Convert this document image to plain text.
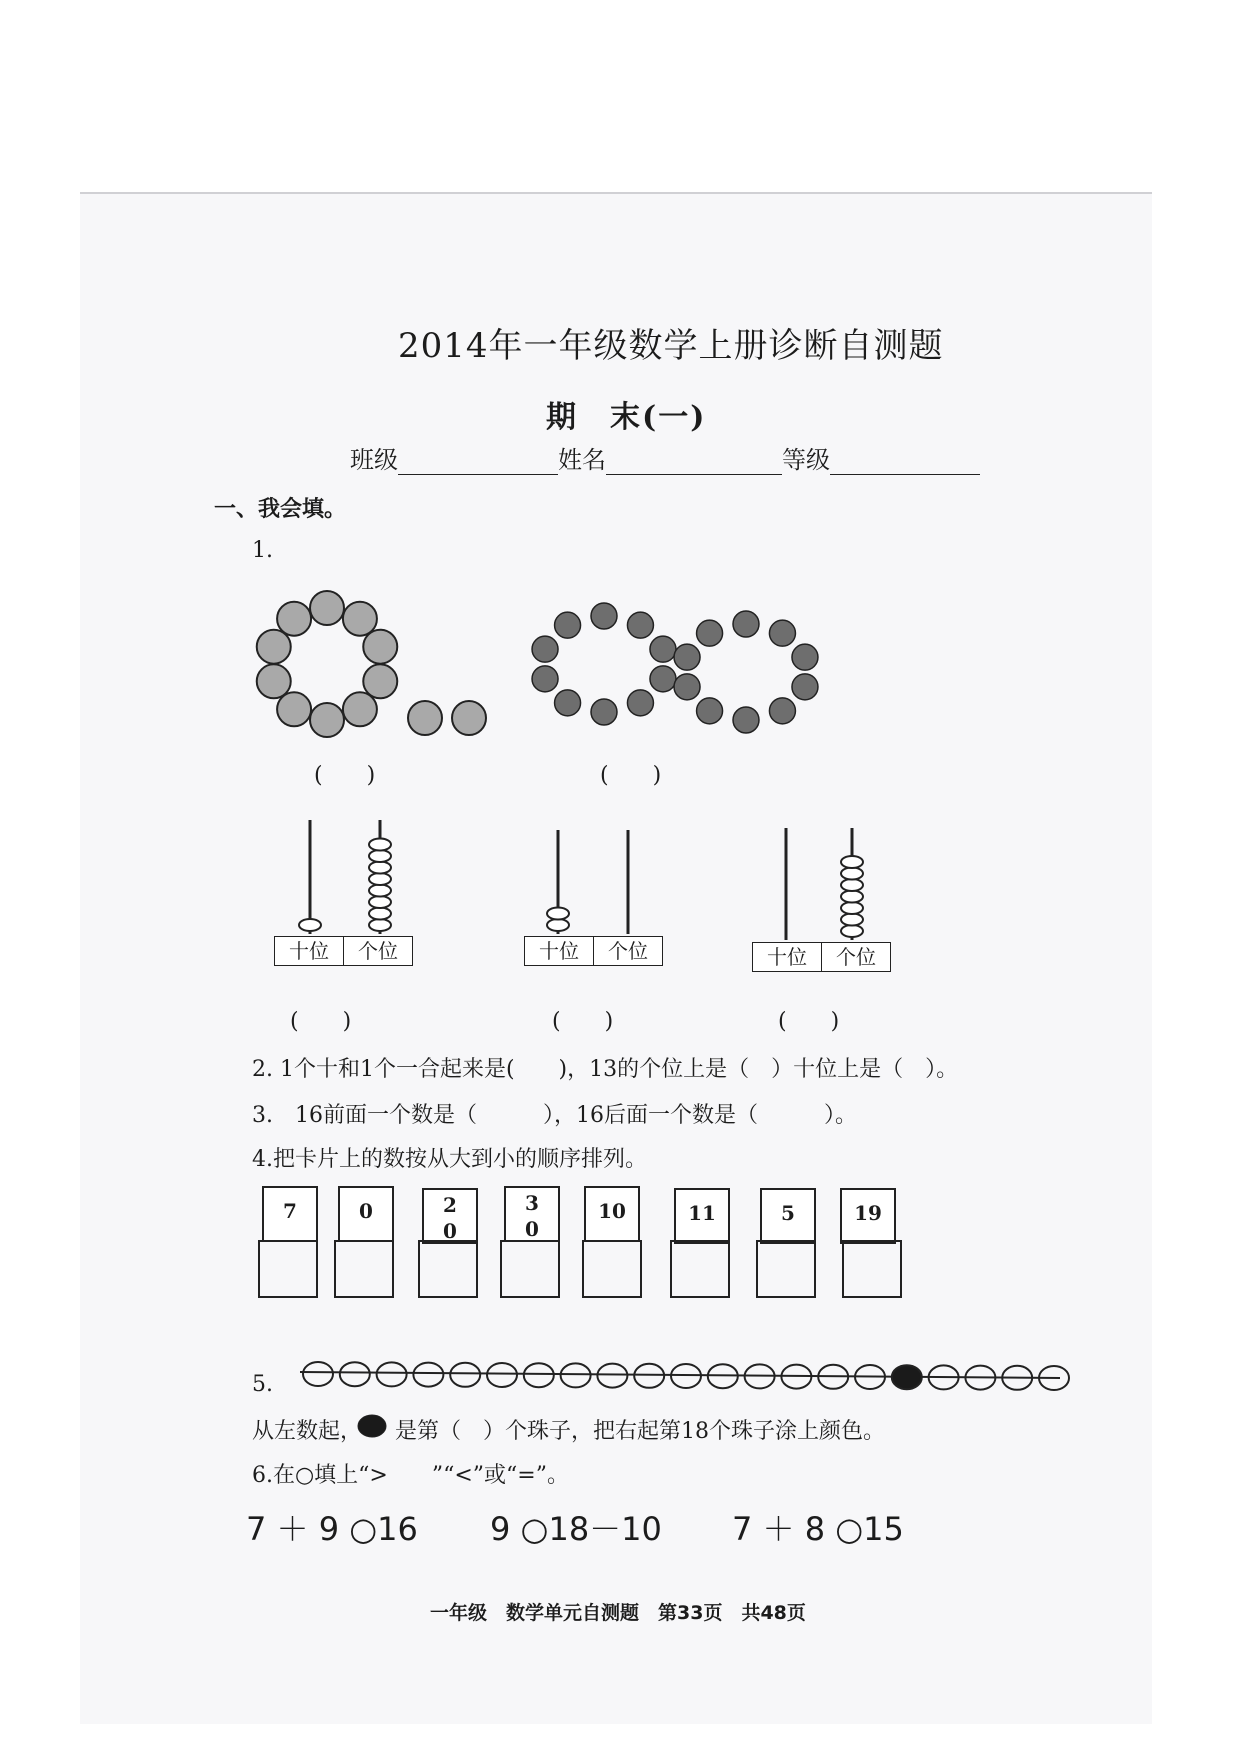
2014年一年级数学上册诊断自测题
期　末(一)
班级	姓名	等级
一、我会填。
1.
(　　)	(　　)
十位	个位	十位	个位	十位	个位
(　　)	(　　)	(　　)
2. 1个十和1个一合起来是(　　)，13的个位上是（　）十位上是（　）。
3.　16前面一个数是（　　　），16后面一个数是（　　　）。
4.把卡片上的数按从大到小的顺序排列。
7	0	2
0
3
0
10	11	5	19
5.
从左数起，　　是第（　）个珠子，把右起第18个珠子涂上颜色。
6.在○填上“>　　”“<”或“=”。
7 ＋ 9 ○16 9 ○18－10 7 ＋ 8 ○15
一年级　数学单元自测题　第33页　共48页
